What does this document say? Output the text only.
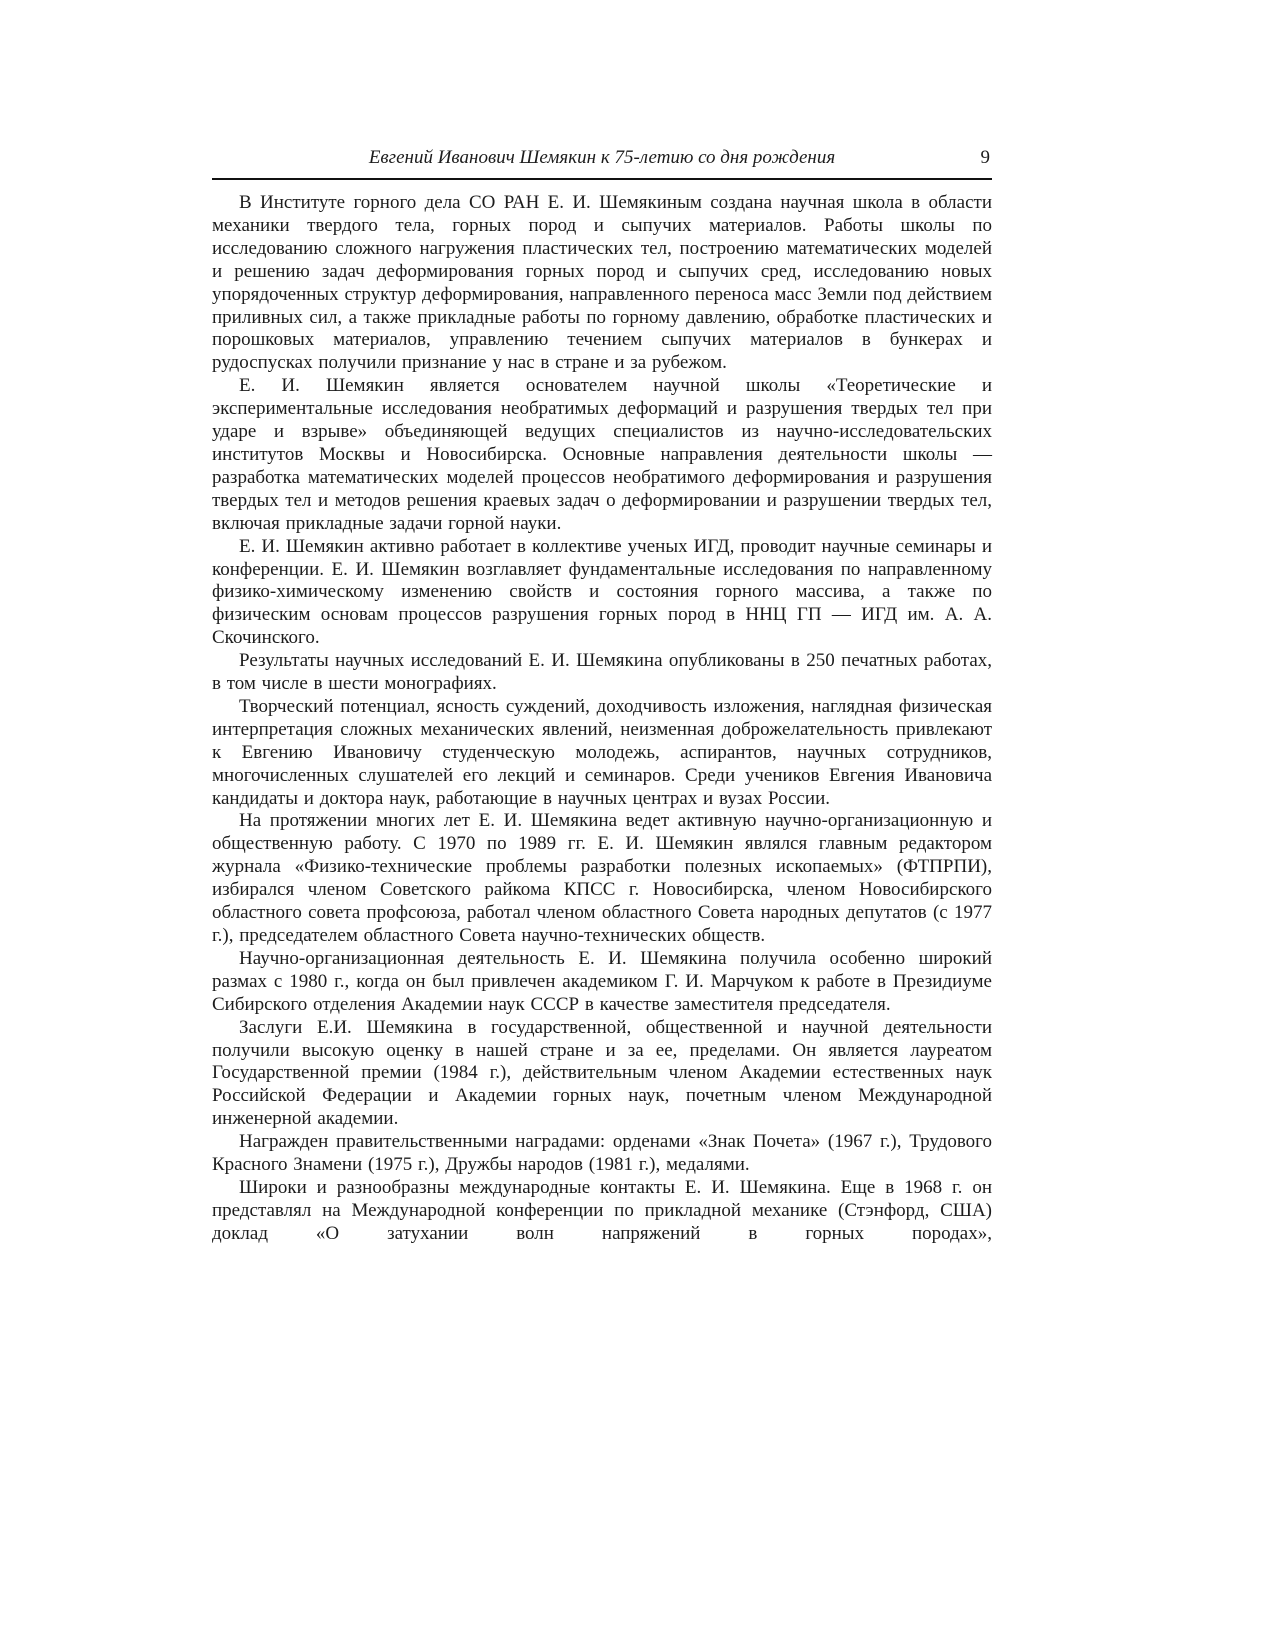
Евгений Иванович Шемякин к 75-летию со дня рождения	9

В Институте горного дела СО РАН Е. И. Шемякиным создана научная школа в области механики твердого тела, горных пород и сыпучих материалов. Работы школы по исследованию сложного нагружения пластических тел, построению математических моделей и решению задач деформирования горных пород и сыпучих сред, исследованию новых упорядоченных структур деформирования, направленного переноса масс Земли под действием приливных сил, а также прикладные работы по горному давлению, обработке пластических и порошковых материалов, управлению течением сыпучих материалов в бункерах и рудоспусках получили признание у нас в стране и за рубежом.

Е. И. Шемякин является основателем научной школы «Теоретические и экспериментальные исследования необратимых деформаций и разрушения твердых тел при ударе и взрыве» объединяющей ведущих специалистов из научно-исследовательских институтов Москвы и Новосибирска. Основные направления деятельности школы — разработка математических моделей процессов необратимого деформирования и разрушения твердых тел и методов решения краевых задач о деформировании и разрушении твердых тел, включая прикладные задачи горной науки.

Е. И. Шемякин активно работает в коллективе ученых ИГД, проводит научные семинары и конференции. Е. И. Шемякин возглавляет фундаментальные исследования по направленному физико-химическому изменению свойств и состояния горного массива, а также по физическим основам процессов разрушения горных пород в ННЦ ГП — ИГД им. А. А. Скочинского.

Результаты научных исследований Е. И. Шемякина опубликованы в 250 печатных работах, в том числе в шести монографиях.

Творческий потенциал, ясность суждений, доходчивость изложения, наглядная физическая интерпретация сложных механических явлений, неизменная доброжелательность привлекают к Евгению Ивановичу студенческую молодежь, аспирантов, научных сотрудников, многочисленных слушателей его лекций и семинаров. Среди учеников Евгения Ивановича кандидаты и доктора наук, работающие в научных центрах и вузах России.

На протяжении многих лет Е. И. Шемякина ведет активную научно-организационную и общественную работу. С 1970 по 1989 гг. Е. И. Шемякин являлся главным редактором журнала «Физико-технические проблемы разработки полезных ископаемых» (ФТПРПИ), избирался членом Советского райкома КПСС г. Новосибирска, членом Новосибирского областного совета профсоюза, работал членом областного Совета народных депутатов (с 1977 г.), председателем областного Совета научно-технических обществ.

Научно-организационная деятельность Е. И. Шемякина получила особенно широкий размах с 1980 г., когда он был привлечен академиком Г. И. Марчуком к работе в Президиуме Сибирского отделения Академии наук СССР в качестве заместителя председателя.

Заслуги Е.И. Шемякина в государственной, общественной и научной деятельности получили высокую оценку в нашей стране и за ее, пределами. Он является лауреатом Государственной премии (1984 г.), действительным членом Академии естественных наук Российской Федерации и Академии горных наук, почетным членом Международной инженерной академии.

Награжден правительственными наградами: орденами «Знак Почета» (1967 г.), Трудового Красного Знамени (1975 г.), Дружбы народов (1981 г.), медалями.

Широки и разнообразны международные контакты Е. И. Шемякина. Еще в 1968 г. он представлял на Международной конференции по прикладной механике (Стэнфорд, США) доклад «О затухании волн напряжений в горных породах»,
